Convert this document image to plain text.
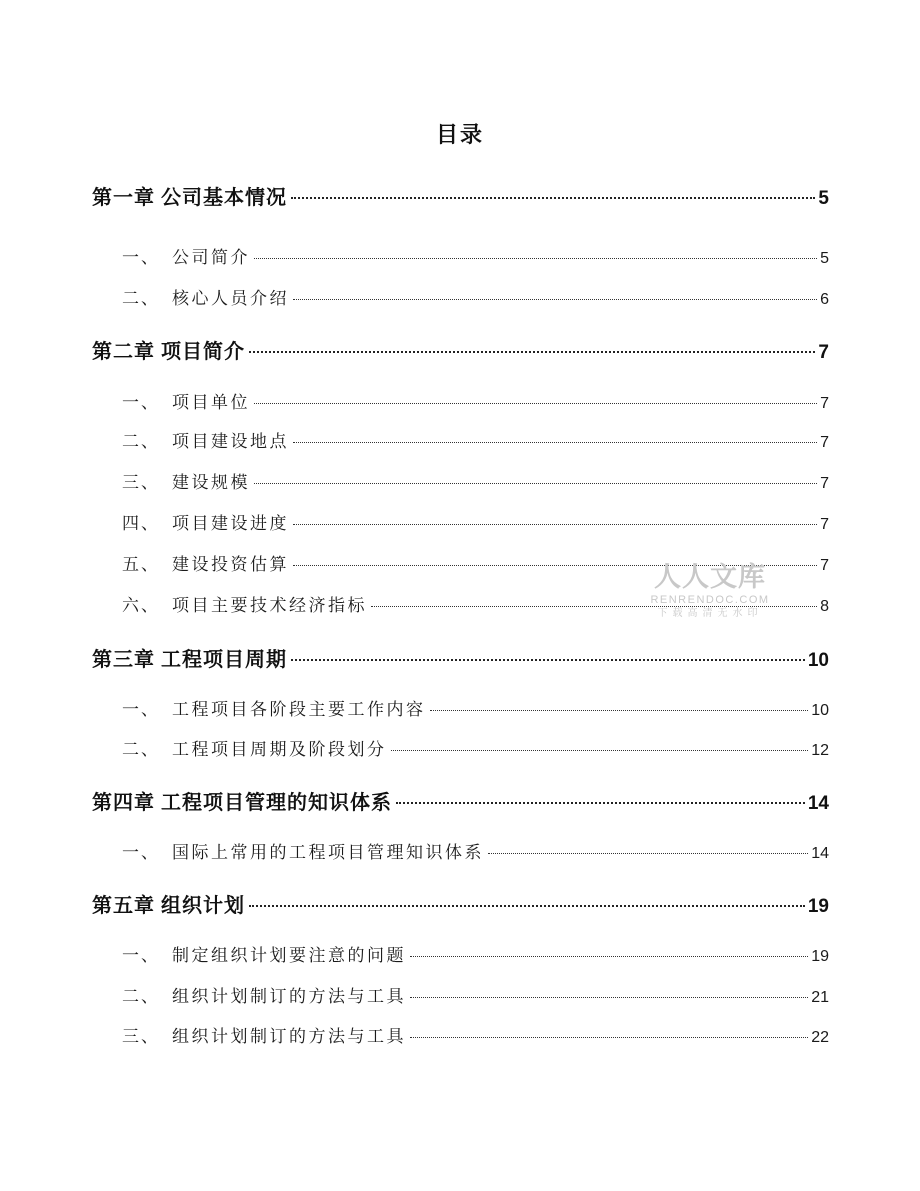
目录
第一章 公司基本情况	5
一、 公司简介	5
二、 核心人员介绍	6
第二章 项目简介	7
一、 项目单位	7
二、 项目建设地点	7
三、 建设规模	7
四、 项目建设进度	7
五、 建设投资估算	7
六、 项目主要技术经济指标	8
第三章 工程项目周期	10
一、 工程项目各阶段主要工作内容	10
二、 工程项目周期及阶段划分	12
第四章 工程项目管理的知识体系	14
一、 国际上常用的工程项目管理知识体系	14
第五章 组织计划	19
一、 制定组织计划要注意的问题	19
二、 组织计划制订的方法与工具	21
三、 组织计划制订的方法与工具	22
人人文库
RENRENDOC.COM
下载高清无水印
